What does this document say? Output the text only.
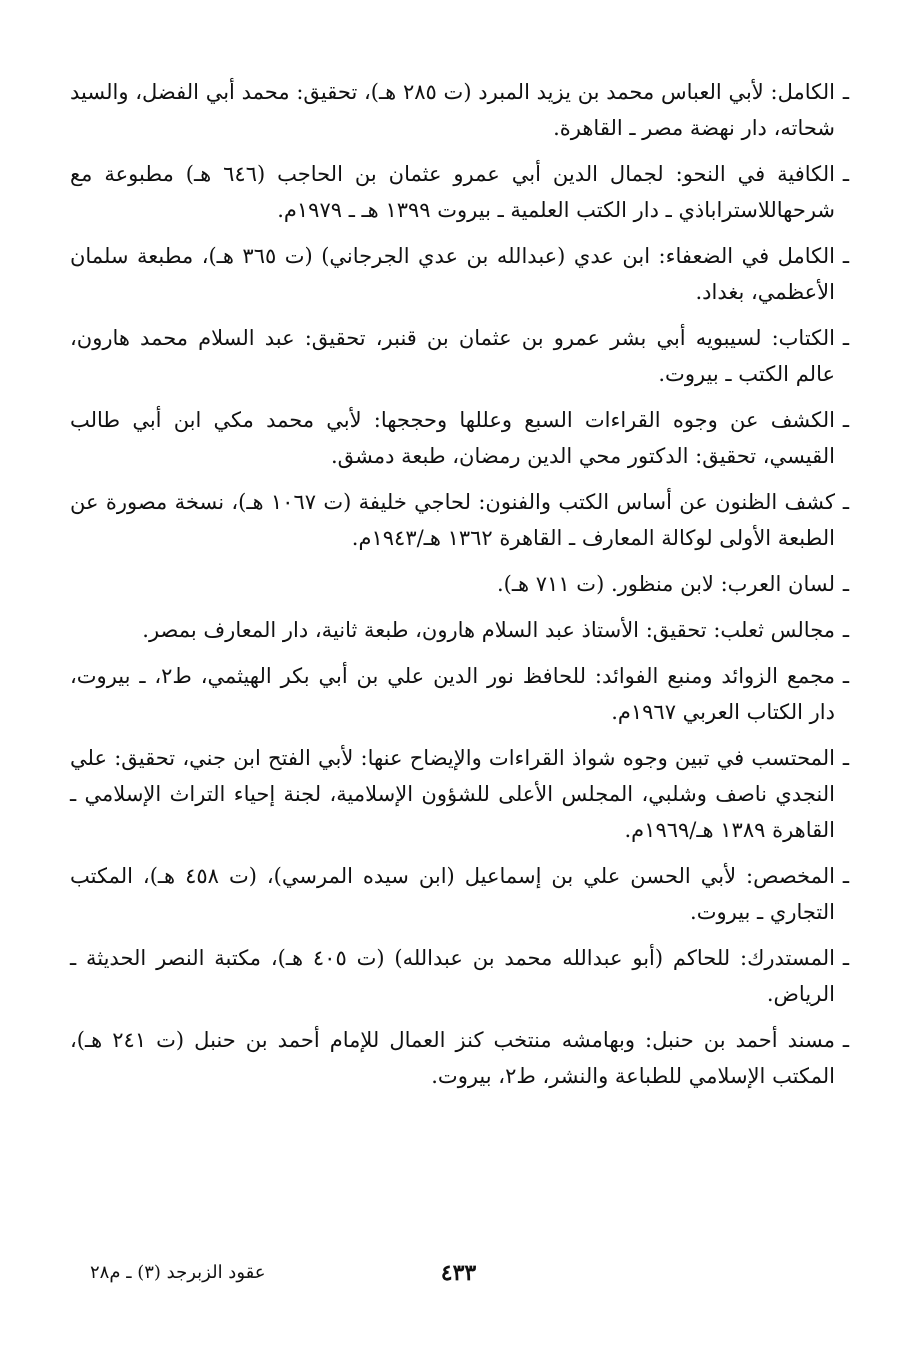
ـ
الكامل: لأبي العباس محمد بن يزيد المبرد (ت ٢٨٥ هـ)، تحقيق: محمد أبي الفضل، والسيد شحاته، دار نهضة مصر ـ القاهرة.
ـ
الكافية في النحو: لجمال الدين أبي عمرو عثمان بن الحاجب (٦٤٦ هـ) مطبوعة مع شرحهاللاستراباذي ـ دار الكتب العلمية ـ بيروت ١٣٩٩ هـ ـ ١٩٧٩م.
ـ
الكامل في الضعفاء: ابن عدي (عبدالله بن عدي الجرجاني) (ت ٣٦٥ هـ)، مطبعة سلمان الأعظمي، بغداد.
ـ
الكتاب: لسيبويه أبي بشر عمرو بن عثمان بن قنبر، تحقيق: عبد السلام محمد هارون، عالم الكتب ـ بيروت.
ـ
الكشف عن وجوه القراءات السبع وعللها وحججها: لأبي محمد مكي ابن أبي طالب القيسي، تحقيق: الدكتور محي الدين رمضان، طبعة دمشق.
ـ
كشف الظنون عن أساس الكتب والفنون: لحاجي خليفة (ت ١٠٦٧ هـ)، نسخة مصورة عن الطبعة الأولى لوكالة المعارف ـ القاهرة ١٣٦٢ هـ/١٩٤٣م.
ـ
لسان العرب: لابن منظور. (ت ٧١١ هـ).
ـ
مجالس ثعلب: تحقيق: الأستاذ عبد السلام هارون، طبعة ثانية، دار المعارف بمصر.
ـ
مجمع الزوائد ومنبع الفوائد: للحافظ نور الدين علي بن أبي بكر الهيثمي، ط٢، ـ بيروت، دار الكتاب العربي ١٩٦٧م.
ـ
المحتسب في تبين وجوه شواذ القراءات والإيضاح عنها: لأبي الفتح ابن جني، تحقيق: علي النجدي ناصف وشلبي، المجلس الأعلى للشؤون الإسلامية، لجنة إحياء التراث الإسلامي ـ القاهرة ١٣٨٩ هـ/١٩٦٩م.
ـ
المخصص: لأبي الحسن علي بن إسماعيل (ابن سيده المرسي)، (ت ٤٥٨ هـ)، المكتب التجاري ـ بيروت.
ـ
المستدرك: للحاكم (أبو عبدالله محمد بن عبدالله) (ت ٤٠٥ هـ)، مكتبة النصر الحديثة ـ الرياض.
ـ
مسند أحمد بن حنبل: وبهامشه منتخب كنز العمال للإمام أحمد بن حنبل (ت ٢٤١ هـ)، المكتب الإسلامي للطباعة والنشر، ط٢، بيروت.
٤٣٣
عقود الزبرجد (٣) ـ م٢٨
